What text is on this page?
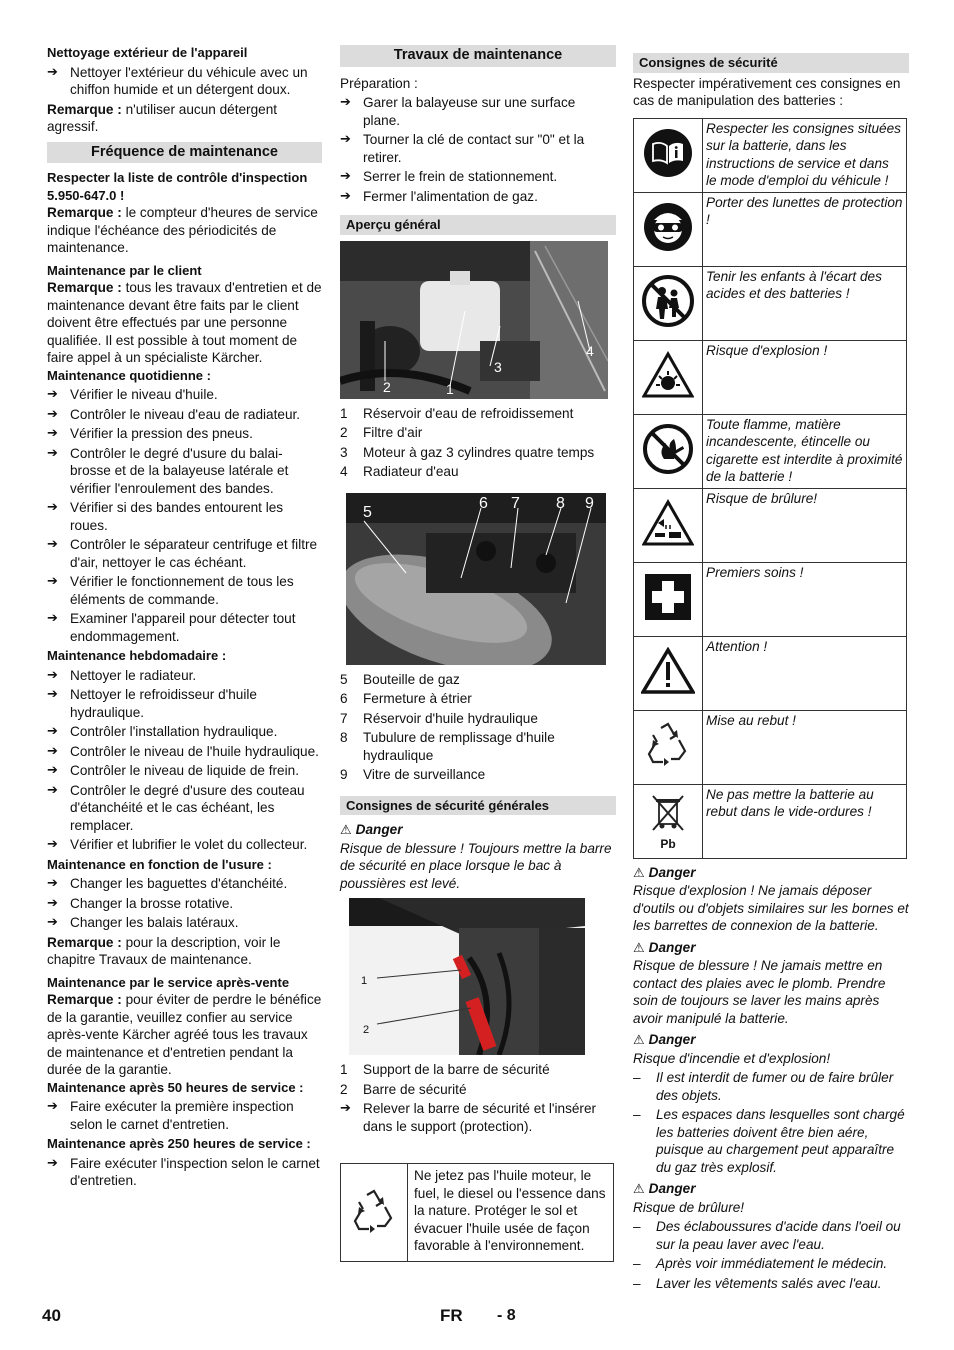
Nettoyage extérieur de l'appareil

➔ Nettoyer l'extérieur du véhicule avec un chiffon humide et un détergent doux.

Remarque : n'utiliser aucun détergent agressif.

Fréquence de maintenance

Respecter la liste de contrôle d'inspection 5.950-647.0 !

Remarque : le compteur d'heures de service indique l'échéance des périodicités de maintenance.

Maintenance par le client

Remarque : tous les travaux d'entretien et de maintenance devant être faits par le client doivent être effectués par une personne qualifiée. Il est possible à tout moment de faire appel à un spécialiste Kärcher.

Maintenance quotidienne :

➔ Vérifier le niveau d'huile.
➔ Contrôler le niveau d'eau de radiateur.
➔ Vérifier la pression des pneus.
➔ Contrôler le degré d'usure du balai-brosse et de la balayeuse latérale et vérifier l'enroulement des bandes.
➔ Vérifier si des bandes entourent les roues.
➔ Contrôler le séparateur centrifuge et filtre d'air, nettoyer le cas échéant.
➔ Vérifier le fonctionnement de tous les éléments de commande.
➔ Examiner l'appareil pour détecter tout endommagement.

Maintenance hebdomadaire :

➔ Nettoyer le radiateur.
➔ Nettoyer le refroidisseur d'huile hydraulique.
➔ Contrôler l'installation hydraulique.
➔ Contrôler le niveau de l'huile hydraulique.
➔ Contrôler le niveau de liquide de frein.
➔ Contrôler le degré d'usure des couteau d'étanchéité et le cas échéant, les remplacer.
➔ Vérifier et lubrifier le volet du collecteur.

Maintenance en fonction de l'usure :

➔ Changer les baguettes d'étanchéité.
➔ Changer la brosse rotative.
➔ Changer les balais latéraux.

Remarque : pour la description, voir le chapitre Travaux de maintenance.

Maintenance par le service après-vente

Remarque : pour éviter de perdre le bénéfice de la garantie, veuillez confier au service après-vente Kärcher agréé tous les travaux de maintenance et d'entretien pendant la durée de la garantie.

Maintenance après 50 heures de service :

➔ Faire exécuter la première inspection selon le carnet d'entretien.

Maintenance après 250 heures de service :

➔ Faire exécuter l'inspection selon le carnet d'entretien.
Travaux de maintenance

Préparation :

➔ Garer la balayeuse sur une surface plane.
➔ Tourner la clé de contact sur "0" et la retirer.
➔ Serrer le frein de stationnement.
➔ Fermer l'alimentation de gaz.
Aperçu général
1
2
3
4
1	Réservoir d'eau de refroidissement
2	Filtre d'air
3	Moteur à gaz 3 cylindres quatre temps
4	Radiateur d'eau
5
6 7 8 9
5	Bouteille de gaz
6	Fermeture à étrier
7	Réservoir d'huile hydraulique
8	Tubulure de remplissage d'huile hydraulique
9	Vitre de surveillance
Consignes de sécurité générales

⚠ Danger

Risque de blessure ! Toujours mettre la barre de sécurité en place lorsque le bac à poussières est levé.

1
2
1	Support de la barre de sécurité
2	Barre de sécurité
➔ Relever la barre de sécurité et l'insérer dans le support (protection).
Ne jetez pas l'huile moteur, le fuel, le diesel ou l'essence dans la nature. Protéger le sol et évacuer l'huile usée de façon favorable à l'environnement.
Consignes de sécurité

Respecter impérativement ces consignes en cas de manipulation des batteries :

	Respecter les consignes situées sur la batterie, dans les instructions de service et dans le mode d'emploi du véhicule !
	Porter des lunettes de protection !
	Tenir les enfants à l'écart des acides et des batteries !
	Risque d'explosion !
	Toute flamme, matière incandescente, étincelle ou cigarette est interdite à proximité de la batterie !
	Risque de brûlure!
	Premiers soins !
	Attention !
	Mise au rebut !

Pb	Ne pas mettre la batterie au rebut dans le vide-ordures !

⚠ Danger

Risque d'explosion ! Ne jamais déposer d'outils ou d'objets similaires sur les bornes et les barrettes de connexion de la batterie.

⚠ Danger

Risque de blessure ! Ne jamais mettre en contact des plaies avec le plomb. Prendre soin de toujours se laver les mains après avoir manipulé la batterie.

⚠ Danger

Risque d'incendie et d'explosion!

–	Il est interdit de fumer ou de faire brûler des objets.
–	Les espaces dans lesquelles sont chargé les batteries doivent être bien aére, puisque au chargement peut apparaître du gaz très explosif.

⚠ Danger

Risque de brûlure!

–	Des éclaboussures d'acide dans l'oeil ou sur la peau laver avec l'eau.
–	Après voir immédiatement le médecin.
–	Laver les vêtements salés avec l'eau.
40	FR - 8
